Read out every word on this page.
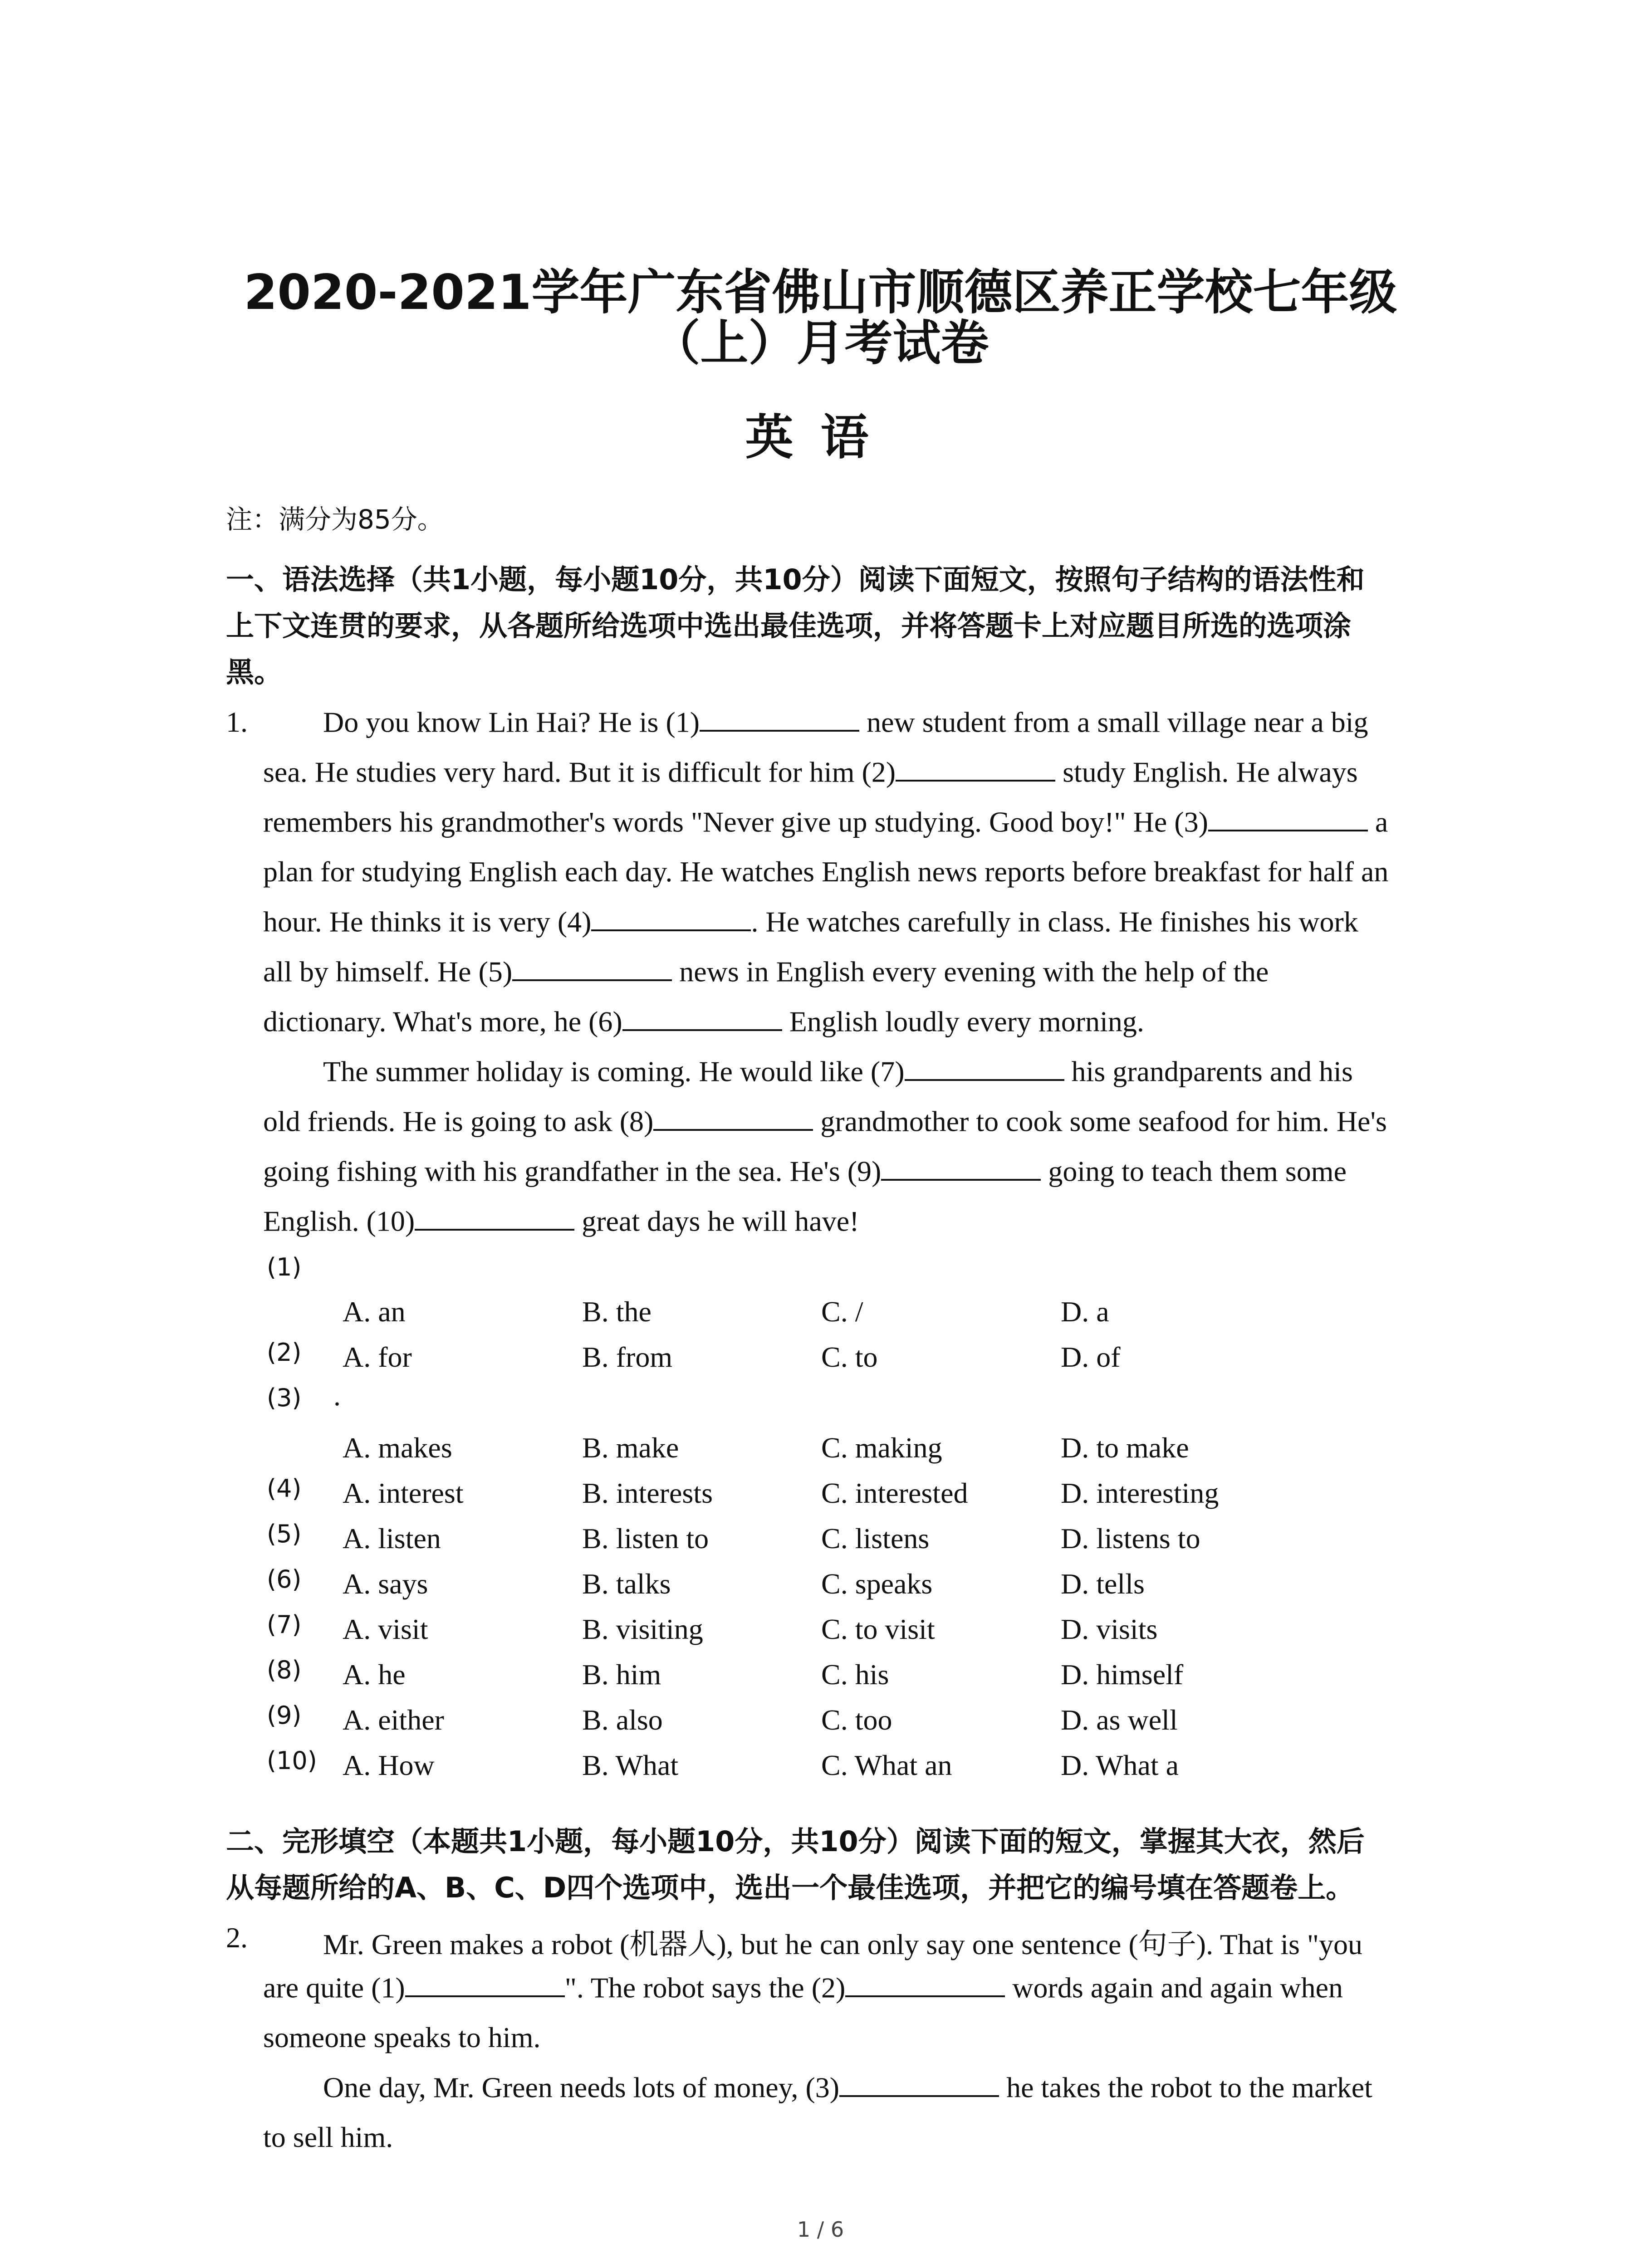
2020-2021学年广东省佛山市顺德区养正学校七年级
（上）月考试卷
英语
注：满分为85分。
一、语法选择（共1小题，每小题10分，共10分）阅读下面短文，按照句子结构的语法性和
上下文连贯的要求，从各题所给选项中选出最佳选项，并将答题卡上对应题目所选的选项涂
黑。
1.	Do you know Lin Hai? He is (1)	new student from a small village near a big
sea. He studies very hard. But it is difficult for him (2)	study English. He always
remembers his grandmother's words "Never give up studying. Good boy!" He (3)	a
plan for studying English each day. He watches English news reports before breakfast for half an
hour. He thinks it is very (4)	. He watches carefully in class. He finishes his work
all by himself. He (5)	news in English every evening with the help of the
dictionary. What's more, he (6)	English loudly every morning.
The summer holiday is coming. He would like (7)	his grandparents and his
old friends. He is going to ask (8)	grandmother to cook some seafood for him. He's
going fishing with his grandfather in the sea. He's (9)	going to teach them some
English. (10)	great days he will have!
(1)
A. an	B. the	C. /	D. a
(2) A. for	B. from	C. to	D. of
(3) .
A. makes	B. make	C. making	D. to make
(4) A. interest	B. interests	C. interested	D. interesting
(5) A. listen	B. listen to	C. listens	D. listens to
(6) A. says	B. talks	C. speaks	D. tells
(7) A. visit	B. visiting	C. to visit	D. visits
(8) A. he	B. him	C. his	D. himself
(9) A. either	B. also	C. too	D. as well
(10) A. How	B. What	C. What an	D. What a
二、完形填空（本题共1小题，每小题10分，共10分）阅读下面的短文，掌握其大衣，然后
从每题所给的A、B、C、D四个选项中，选出一个最佳选项，并把它的编号填在答题卷上。
2.	Mr. Green makes a robot (机器人), but he can only say one sentence (句子). That is "you
are quite (1)	". The robot says the (2)	words again and again when
someone speaks to him.
One day, Mr. Green needs lots of money, (3)	he takes the robot to the market
to sell him.
1 / 6
